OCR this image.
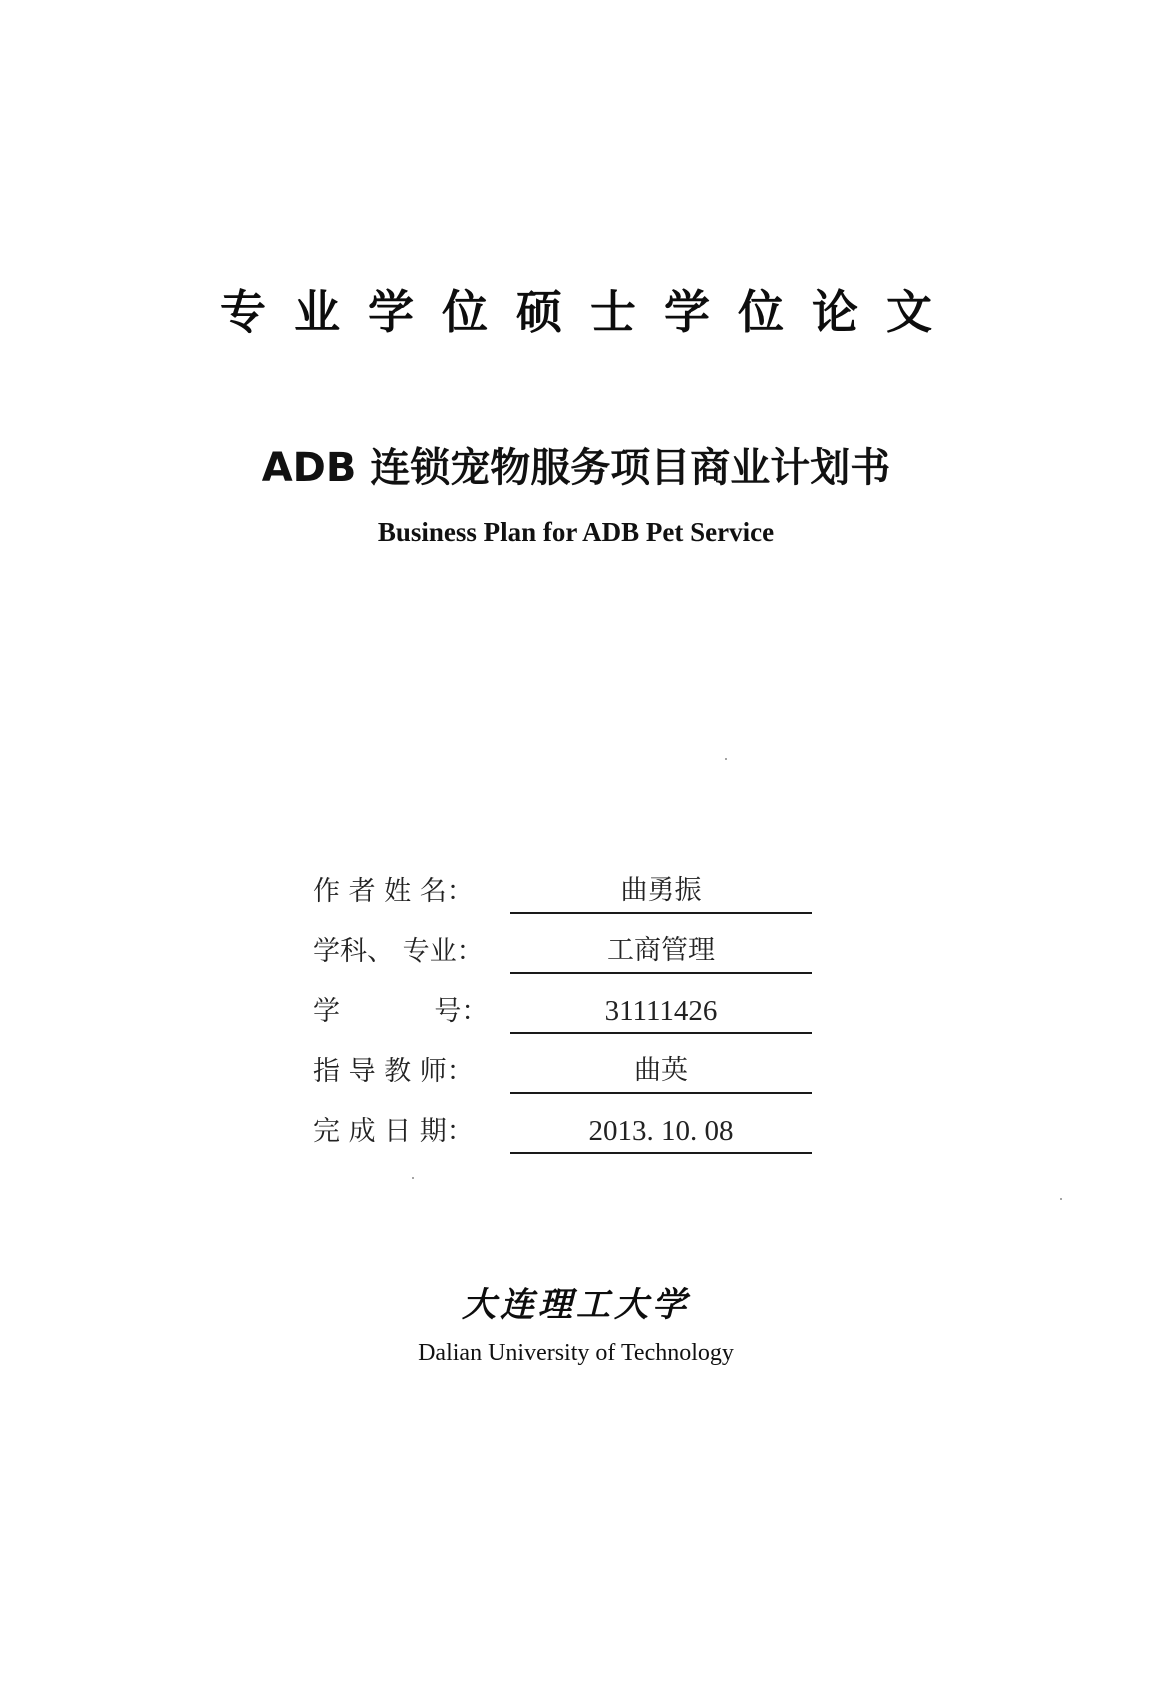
专业学位硕士学位论文
ADB 连锁宠物服务项目商业计划书
Business Plan for ADB Pet Service
作 者 姓 名：	曲勇振
学科、 专业：	工商管理
学           号：	31111426
指 导 教 师：	曲英
完 成 日 期：	2013. 10. 08
大连理工大学
Dalian University of Technology
